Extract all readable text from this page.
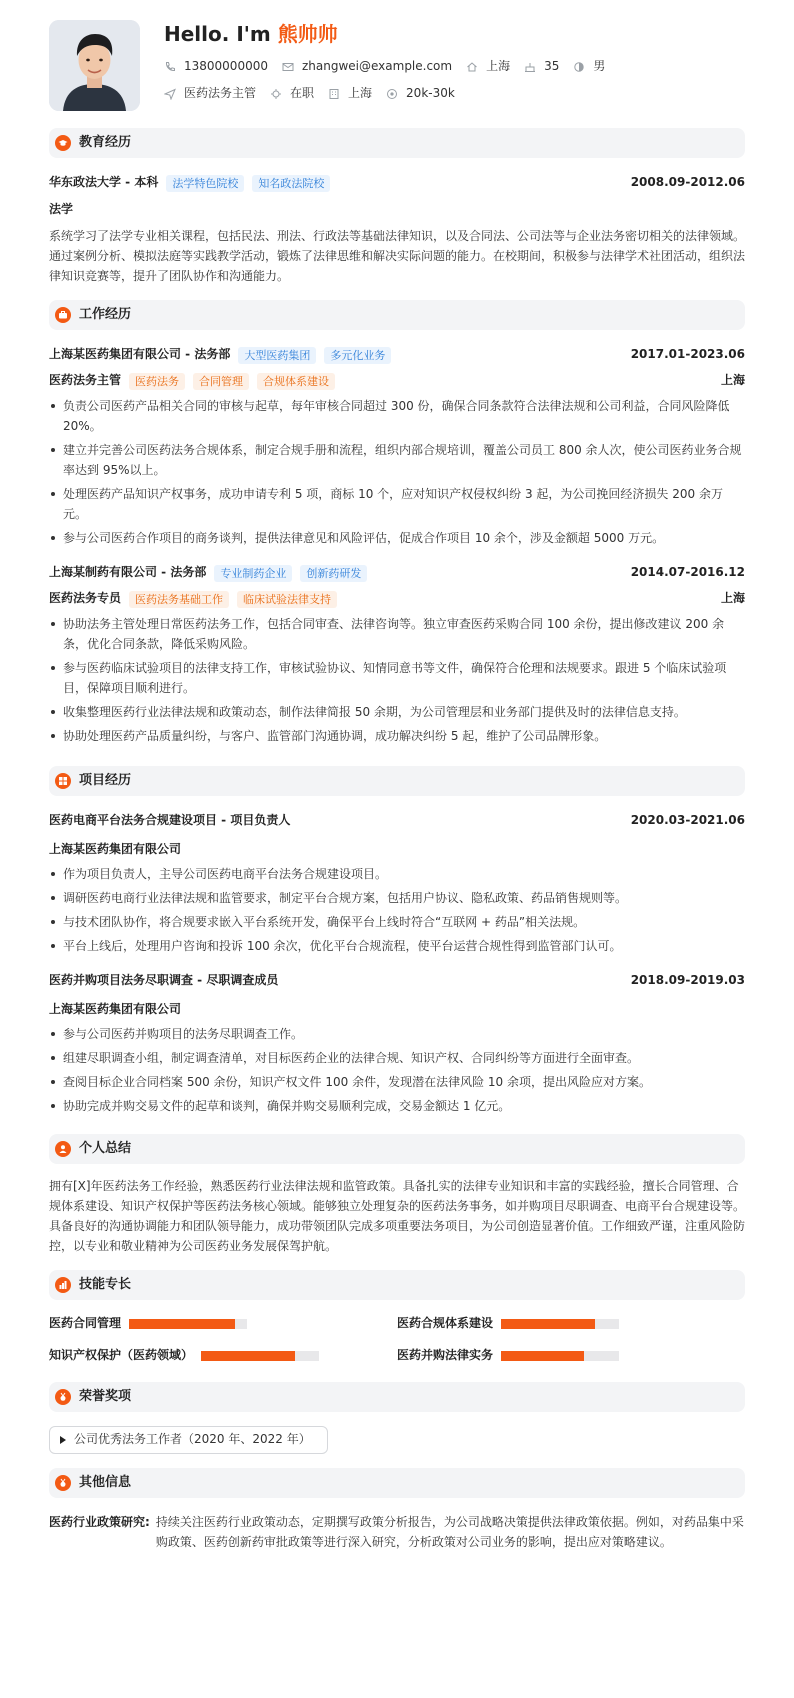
Hello. I'm 熊帅帅
13800000000	zhangwei@example.com	上海	35	男
医药法务主管	在职	上海	20k-30k
教育经历
华东政法大学 - 本科	法学特色院校	知名政法院校	2008.09-2012.06
法学
系统学习了法学专业相关课程，包括民法、刑法、行政法等基础法律知识，以及合同法、公司法等与企业法务密切相关的法律领域。通过案例分析、模拟法庭等实践教学活动，锻炼了法律思维和解决实际问题的能力。在校期间，积极参与法律学术社团活动，组织法律知识竞赛等，提升了团队协作和沟通能力。
工作经历
上海某医药集团有限公司 - 法务部	大型医药集团	多元化业务	2017.01-2023.06
医药法务主管	医药法务	合同管理	合规体系建设	上海
负责公司医药产品相关合同的审核与起草，每年审核合同超过 300 份，确保合同条款符合法律法规和公司利益，合同风险降低 20%。
建立并完善公司医药法务合规体系，制定合规手册和流程，组织内部合规培训，覆盖公司员工 800 余人次，使公司医药业务合规率达到 95%以上。
处理医药产品知识产权事务，成功申请专利 5 项，商标 10 个，应对知识产权侵权纠纷 3 起，为公司挽回经济损失 200 余万元。
参与公司医药合作项目的商务谈判，提供法律意见和风险评估，促成合作项目 10 余个，涉及金额超 5000 万元。
上海某制药有限公司 - 法务部	专业制药企业	创新药研发	2014.07-2016.12
医药法务专员	医药法务基础工作	临床试验法律支持	上海
协助法务主管处理日常医药法务工作，包括合同审查、法律咨询等。独立审查医药采购合同 100 余份，提出修改建议 200 余条，优化合同条款，降低采购风险。
参与医药临床试验项目的法律支持工作，审核试验协议、知情同意书等文件，确保符合伦理和法规要求。跟进 5 个临床试验项目，保障项目顺利进行。
收集整理医药行业法律法规和政策动态，制作法律简报 50 余期，为公司管理层和业务部门提供及时的法律信息支持。
协助处理医药产品质量纠纷，与客户、监管部门沟通协调，成功解决纠纷 5 起，维护了公司品牌形象。
项目经历
医药电商平台法务合规建设项目 - 项目负责人	2020.03-2021.06
上海某医药集团有限公司
作为项目负责人，主导公司医药电商平台法务合规建设项目。
调研医药电商行业法律法规和监管要求，制定平台合规方案，包括用户协议、隐私政策、药品销售规则等。
与技术团队协作，将合规要求嵌入平台系统开发，确保平台上线时符合“互联网 + 药品”相关法规。
平台上线后，处理用户咨询和投诉 100 余次，优化平台合规流程，使平台运营合规性得到监管部门认可。
医药并购项目法务尽职调查 - 尽职调查成员	2018.09-2019.03
上海某医药集团有限公司
参与公司医药并购项目的法务尽职调查工作。
组建尽职调查小组，制定调查清单，对目标医药企业的法律合规、知识产权、合同纠纷等方面进行全面审查。
查阅目标企业合同档案 500 余份，知识产权文件 100 余件，发现潜在法律风险 10 余项，提出风险应对方案。
协助完成并购交易文件的起草和谈判，确保并购交易顺利完成，交易金额达 1 亿元。
个人总结
拥有[X]年医药法务工作经验，熟悉医药行业法律法规和监管政策。具备扎实的法律专业知识和丰富的实践经验，擅长合同管理、合规体系建设、知识产权保护等医药法务核心领域。能够独立处理复杂的医药法务事务，如并购项目尽职调查、电商平台合规建设等。具备良好的沟通协调能力和团队领导能力，成功带领团队完成多项重要法务项目，为公司创造显著价值。工作细致严谨，注重风险防控，以专业和敬业精神为公司医药业务发展保驾护航。
技能专长
医药合同管理	医药合规体系建设
知识产权保护（医药领域）	医药并购法律实务
荣誉奖项
公司优秀法务工作者（2020 年、2022 年）
其他信息
医药行业政策研究: 持续关注医药行业政策动态，定期撰写政策分析报告，为公司战略决策提供法律政策依据。例如，对药品集中采购政策、医药创新药审批政策等进行深入研究，分析政策对公司业务的影响，提出应对策略建议。
